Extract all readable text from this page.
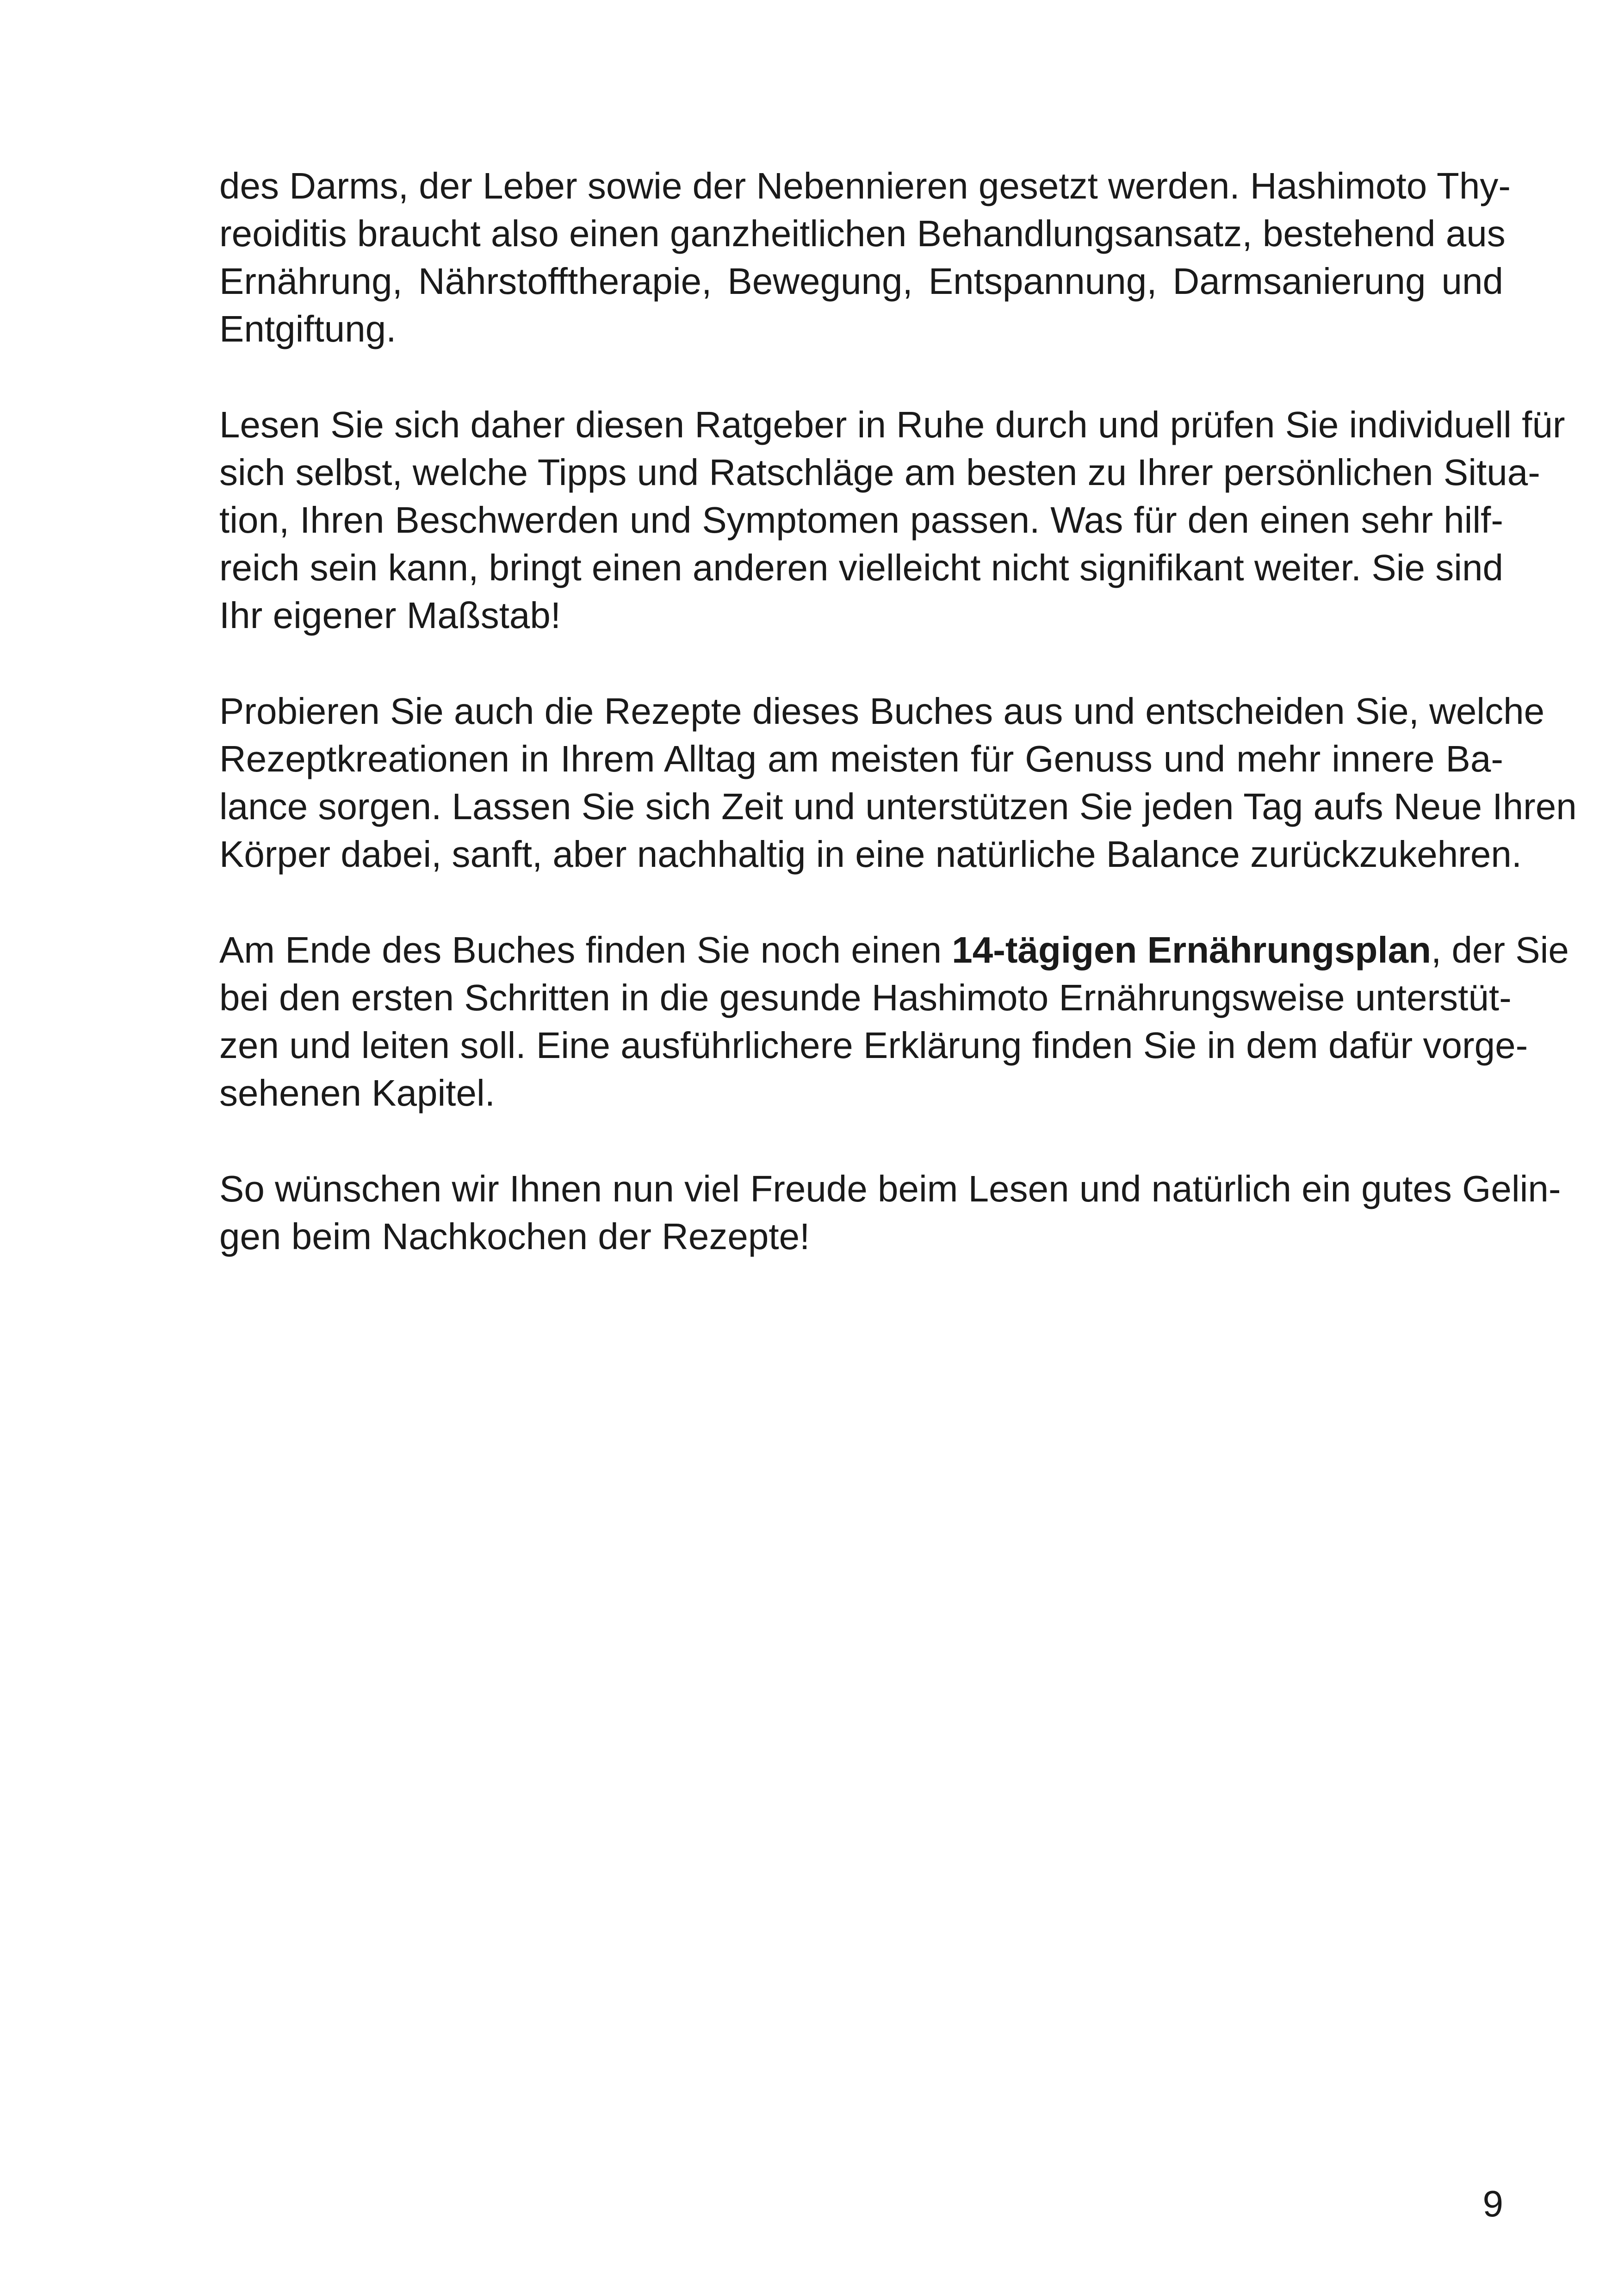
des Darms, der Leber sowie der Nebennieren gesetzt werden. Hashimoto Thy-
reoiditis braucht also einen ganzheitlichen Behandlungsansatz, bestehend aus
Ernährung, Nährstofftherapie, Bewegung, Entspannung, Darmsanierung und
Entgiftung.
Lesen Sie sich daher diesen Ratgeber in Ruhe durch und prüfen Sie individuell für
sich selbst, welche Tipps und Ratschläge am besten zu Ihrer persönlichen Situa-
tion, Ihren Beschwerden und Symptomen passen. Was für den einen sehr hilf-
reich sein kann, bringt einen anderen vielleicht nicht signifikant weiter. Sie sind
Ihr eigener Maßstab!
Probieren Sie auch die Rezepte dieses Buches aus und entscheiden Sie, welche
Rezeptkreationen in Ihrem Alltag am meisten für Genuss und mehr innere Ba-
lance sorgen. Lassen Sie sich Zeit und unterstützen Sie jeden Tag aufs Neue Ihren
Körper dabei, sanft, aber nachhaltig in eine natürliche Balance zurückzukehren.
Am Ende des Buches finden Sie noch einen 14-tägigen Ernährungsplan, der Sie
bei den ersten Schritten in die gesunde Hashimoto Ernährungsweise unterstüt-
zen und leiten soll. Eine ausführlichere Erklärung finden Sie in dem dafür vorge-
sehenen Kapitel.
So wünschen wir Ihnen nun viel Freude beim Lesen und natürlich ein gutes Gelin-
gen beim Nachkochen der Rezepte!
9
